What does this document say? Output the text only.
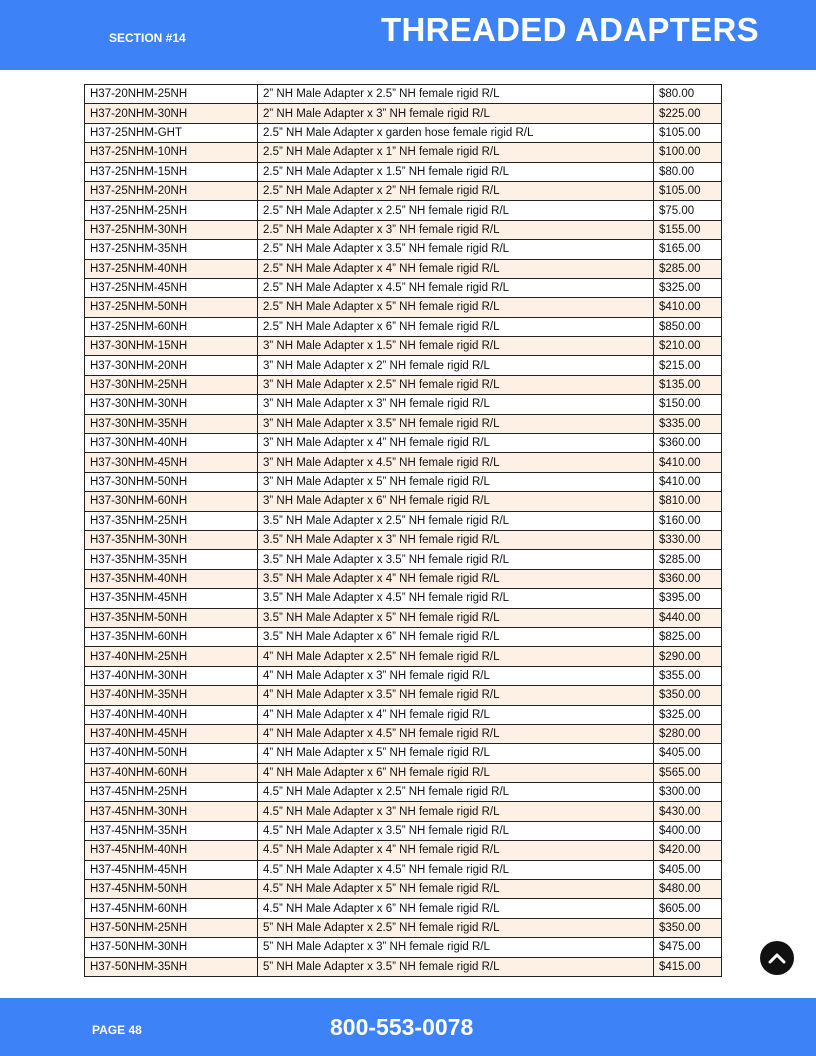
SECTION #14	THREADED ADAPTERS
H37-20NHM-25NH	2” NH Male Adapter x 2.5” NH female rigid R/L	$80.00
H37-20NHM-30NH	2” NH Male Adapter x 3” NH female rigid R/L	$225.00
H37-25NHM-GHT	2.5” NH Male Adapter x garden hose female rigid R/L	$105.00
H37-25NHM-10NH	2.5” NH Male Adapter x 1” NH female rigid R/L	$100.00
H37-25NHM-15NH	2.5” NH Male Adapter x 1.5” NH female rigid R/L	$80.00
H37-25NHM-20NH	2.5” NH Male Adapter x 2” NH female rigid R/L	$105.00
H37-25NHM-25NH	2.5” NH Male Adapter x 2.5” NH female rigid R/L	$75.00
H37-25NHM-30NH	2.5” NH Male Adapter x 3” NH female rigid R/L	$155.00
H37-25NHM-35NH	2.5” NH Male Adapter x 3.5” NH female rigid R/L	$165.00
H37-25NHM-40NH	2.5” NH Male Adapter x 4” NH female rigid R/L	$285.00
H37-25NHM-45NH	2.5” NH Male Adapter x 4.5” NH female rigid R/L	$325.00
H37-25NHM-50NH	2.5” NH Male Adapter x 5” NH female rigid R/L	$410.00
H37-25NHM-60NH	2.5” NH Male Adapter x 6” NH female rigid R/L	$850.00
H37-30NHM-15NH	3” NH Male Adapter x 1.5” NH female rigid R/L	$210.00
H37-30NHM-20NH	3” NH Male Adapter x 2” NH female rigid R/L	$215.00
H37-30NHM-25NH	3” NH Male Adapter x 2.5” NH female rigid R/L	$135.00
H37-30NHM-30NH	3” NH Male Adapter x 3” NH female rigid R/L	$150.00
H37-30NHM-35NH	3” NH Male Adapter x 3.5” NH female rigid R/L	$335.00
H37-30NHM-40NH	3” NH Male Adapter x 4” NH female rigid R/L	$360.00
H37-30NHM-45NH	3” NH Male Adapter x 4.5” NH female rigid R/L	$410.00
H37-30NHM-50NH	3” NH Male Adapter x 5” NH female rigid R/L	$410.00
H37-30NHM-60NH	3” NH Male Adapter x 6” NH female rigid R/L	$810.00
H37-35NHM-25NH	3.5” NH Male Adapter x 2.5” NH female rigid R/L	$160.00
H37-35NHM-30NH	3.5” NH Male Adapter x 3” NH female rigid R/L	$330.00
H37-35NHM-35NH	3.5” NH Male Adapter x 3.5” NH female rigid R/L	$285.00
H37-35NHM-40NH	3.5” NH Male Adapter x 4” NH female rigid R/L	$360.00
H37-35NHM-45NH	3.5” NH Male Adapter x 4.5” NH female rigid R/L	$395.00
H37-35NHM-50NH	3.5” NH Male Adapter x 5” NH female rigid R/L	$440.00
H37-35NHM-60NH	3.5” NH Male Adapter x 6” NH female rigid R/L	$825.00
H37-40NHM-25NH	4” NH Male Adapter x 2.5” NH female rigid R/L	$290.00
H37-40NHM-30NH	4” NH Male Adapter x 3” NH female rigid R/L	$355.00
H37-40NHM-35NH	4” NH Male Adapter x 3.5” NH female rigid R/L	$350.00
H37-40NHM-40NH	4” NH Male Adapter x 4” NH female rigid R/L	$325.00
H37-40NHM-45NH	4” NH Male Adapter x 4.5” NH female rigid R/L	$280.00
H37-40NHM-50NH	4” NH Male Adapter x 5” NH female rigid R/L	$405.00
H37-40NHM-60NH	4” NH Male Adapter x 6” NH female rigid R/L	$565.00
H37-45NHM-25NH	4.5” NH Male Adapter x 2.5” NH female rigid R/L	$300.00
H37-45NHM-30NH	4.5” NH Male Adapter x 3” NH female rigid R/L	$430.00
H37-45NHM-35NH	4.5” NH Male Adapter x 3.5” NH female rigid R/L	$400.00
H37-45NHM-40NH	4.5” NH Male Adapter x 4” NH female rigid R/L	$420.00
H37-45NHM-45NH	4.5” NH Male Adapter x 4.5” NH female rigid R/L	$405.00
H37-45NHM-50NH	4.5” NH Male Adapter x 5” NH female rigid R/L	$480.00
H37-45NHM-60NH	4.5” NH Male Adapter x 6” NH female rigid R/L	$605.00
H37-50NHM-25NH	5” NH Male Adapter x 2.5” NH female rigid R/L	$350.00
H37-50NHM-30NH	5” NH Male Adapter x 3” NH female rigid R/L	$475.00
H37-50NHM-35NH	5” NH Male Adapter x 3.5” NH female rigid R/L	$415.00
PAGE 48	800-553-0078
